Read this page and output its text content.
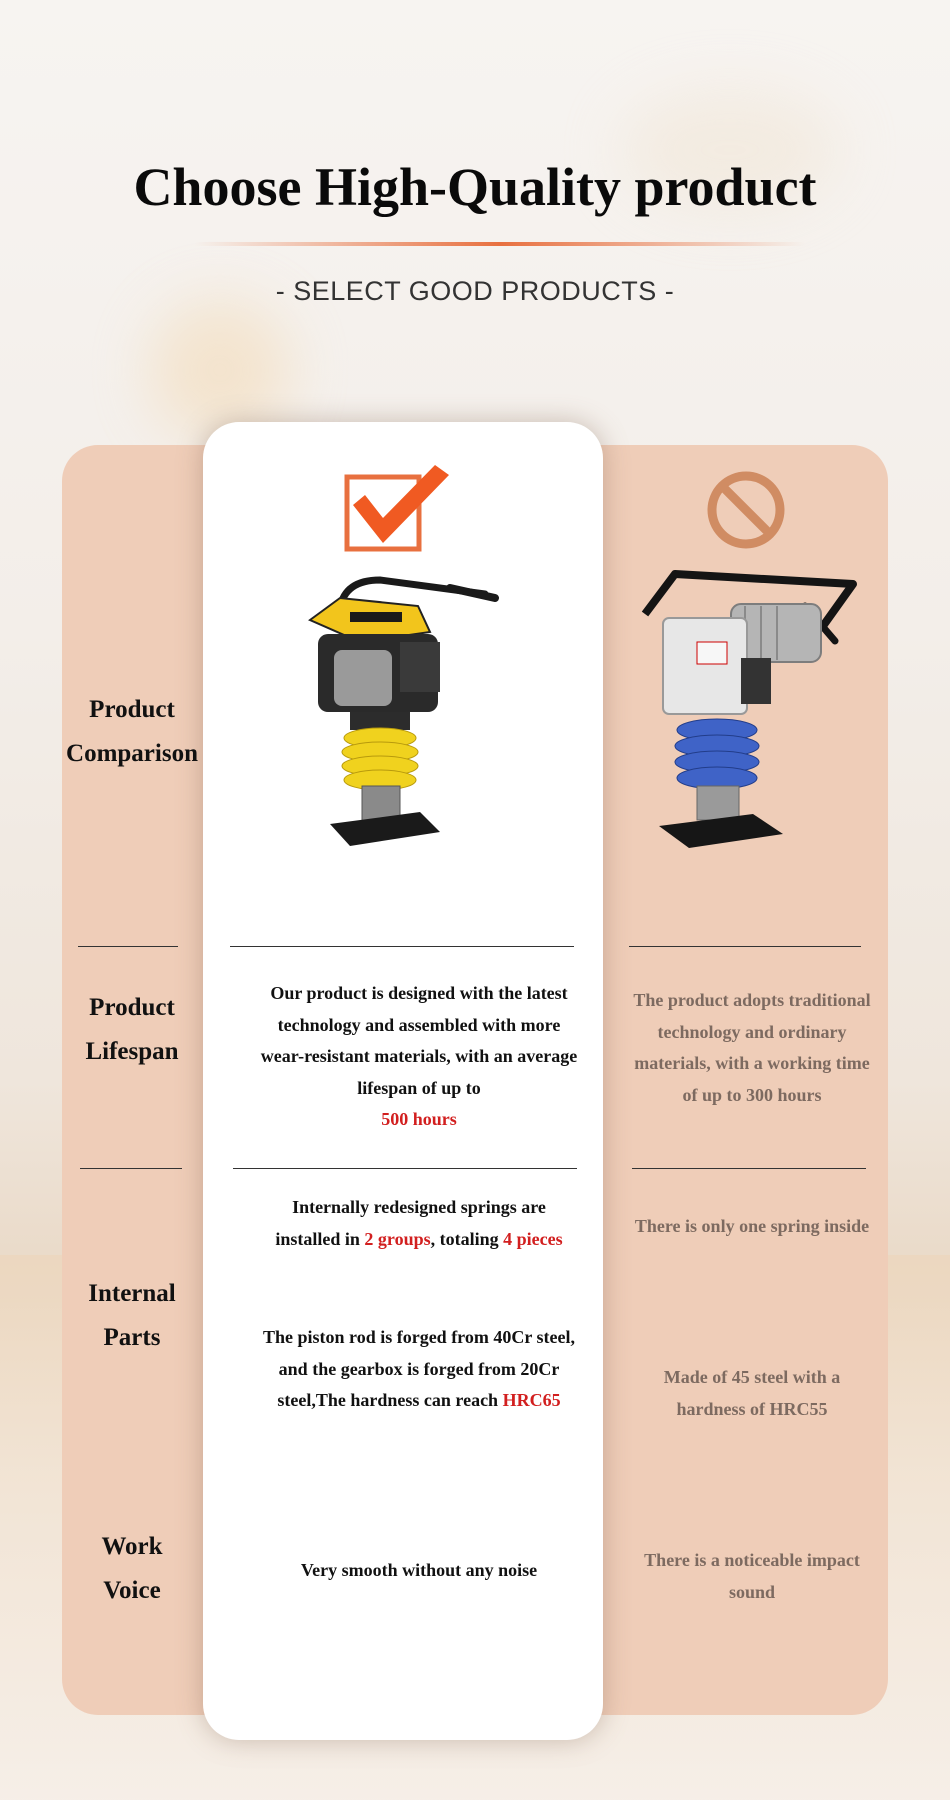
Choose High-Quality product
- SELECT GOOD PRODUCTS -

Product
Comparison

Product
Lifespan

Internal
Parts

Work
Voice

Our product is designed with the latest technology and assembled with more wear-resistant materials, with an average lifespan of up to
500 hours

The product adopts traditional technology and ordinary materials, with a working time of up to 300 hours

Internally redesigned springs are installed in 2 groups, totaling 4 pieces

There is only one spring inside

The piston rod is forged from 40Cr steel, and the gearbox is forged from 20Cr steel,The hardness can reach HRC65

Made of 45 steel with a hardness of HRC55

Very smooth without any noise	There is a noticeable impact sound
